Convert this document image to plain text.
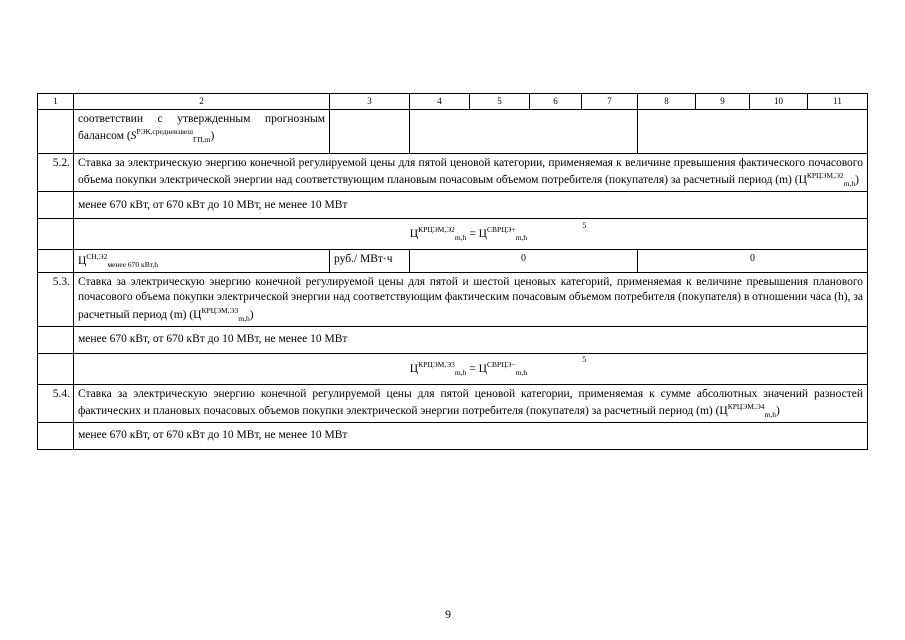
1	2	3	4	5	6	7	8	9	10	11
	соответствии с утвержденным прогнозным балансом $(S^{РЭК,средневзвеш}_{ГП,m})$									
5.2.	Ставка за электрическую энергию конечной регулируемой цены для пятой ценовой категории, применяемая к величине превышения фактического почасового объема покупки электрической энергии над соответствующим плановым почасовым объемом потребителя (покупателя) за расчетный период (m) $(Ц^{КРЦЭМ,Э2}_{m,h})$									
	менее 670 кВт, от 670 кВт до 10 МВт, не менее 10 МВт									
	$Ц^{КРЦЭМ,Э2}_{m,h} = Ц^{СВРЦЭ+}_{m,h}^5$
	$Ц^{СН,Э2}_{менее 670 кВт,h}$	руб./ МВт·ч	0				0			
5.3.	Ставка за электрическую энергию конечной регулируемой цены для пятой и шестой ценовых категорий, применяемая к величине превышения планового почасового объема покупки электрической энергии над соответствующим фактическим почасовым объемом потребителя (покупателя) в отношении часа (h), за расчетный период (m) $(Ц^{КРЦЭМ,Э3}_{m,h})$									
	менее 670 кВт, от 670 кВт до 10 МВт, не менее 10 МВт									
	$Ц^{КРЦЭМ,Э3}_{m,h} = Ц^{СВРЦЭ-}_{m,h}^5$
5.4.	Ставка за электрическую энергию конечной регулируемой цены для пятой ценовой категории, применяемая к сумме абсолютных значений разностей фактических и плановых почасовых объемов покупки электрической энергии потребителя (покупателя) за расчетный период (m) $(Ц^{КРЦЭМ,Э4}_{m,h})$									
	менее 670 кВт, от 670 кВт до 10 МВт, не менее 10 МВт									
9
